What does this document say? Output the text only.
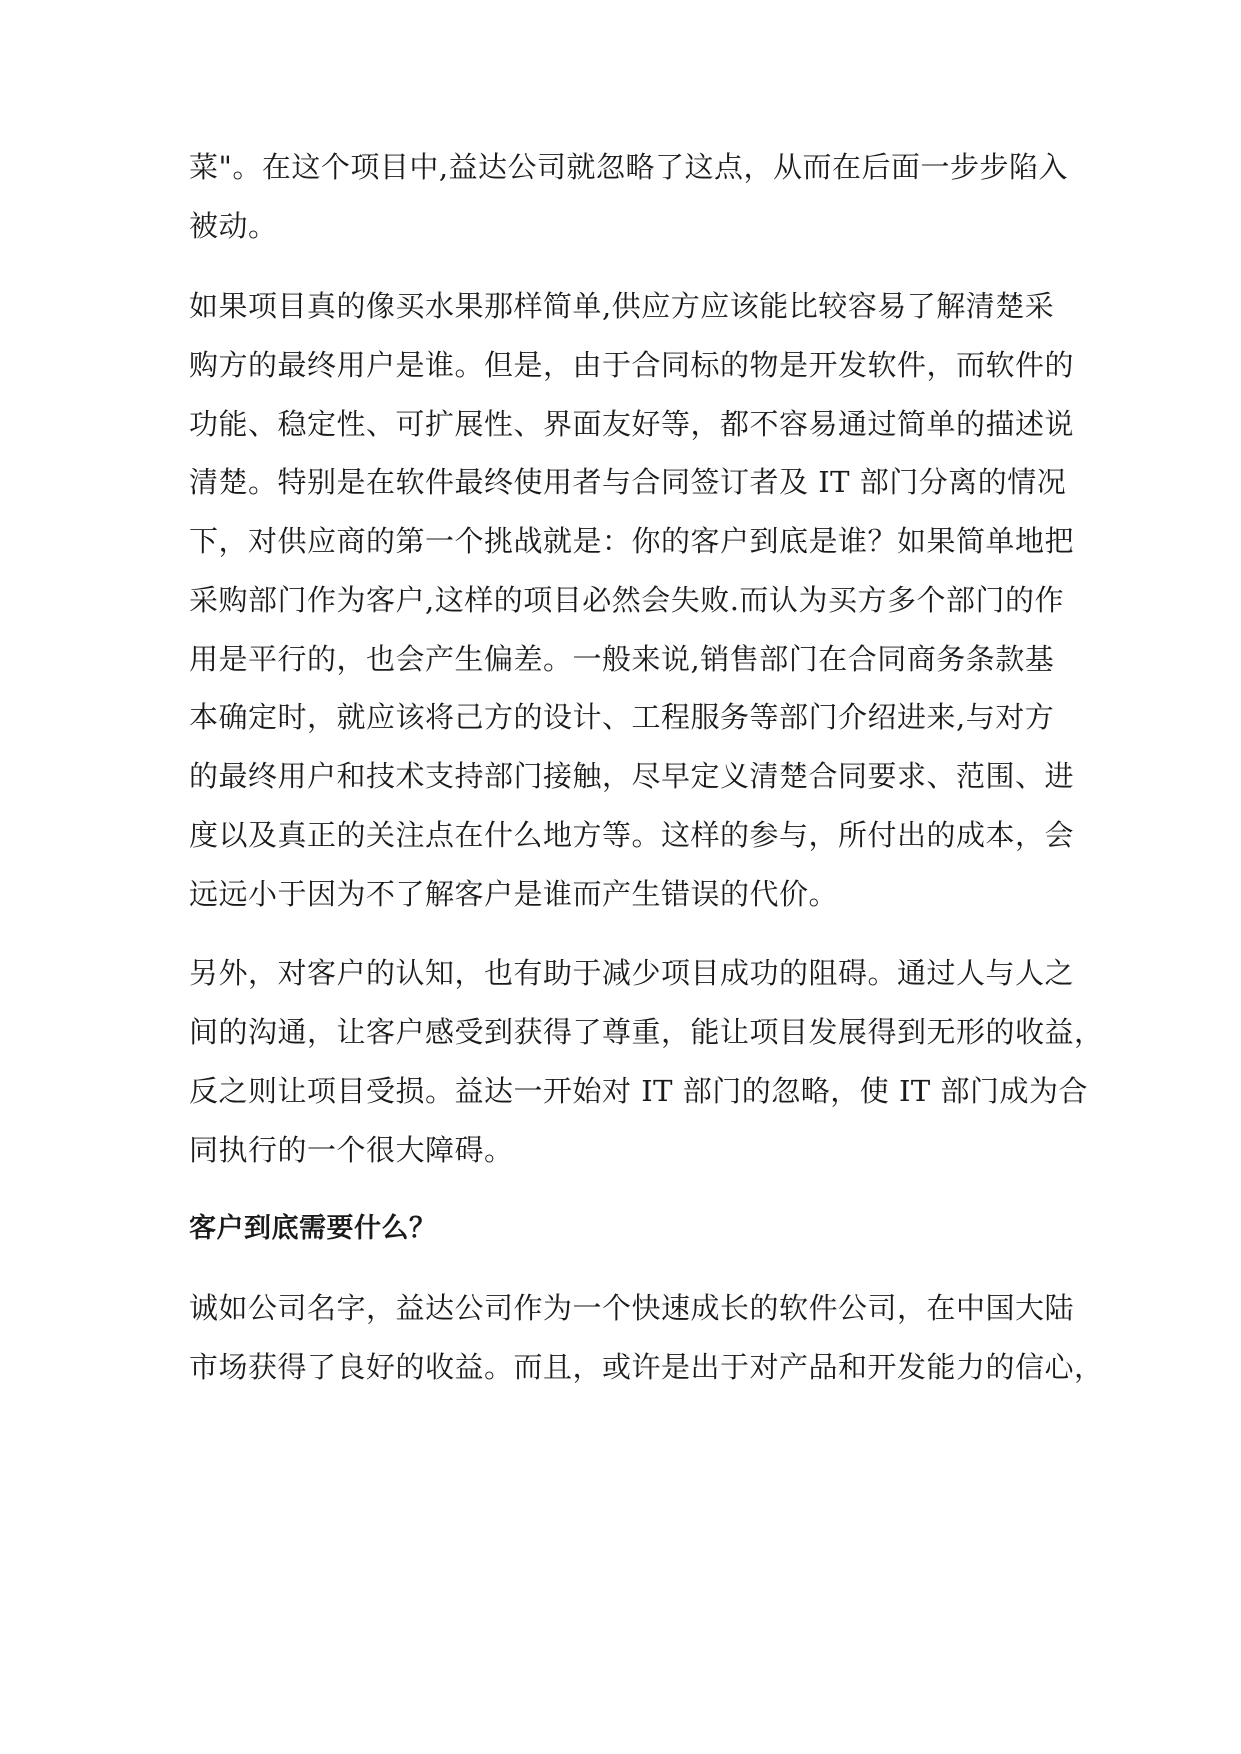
菜"。在这个项目中,益达公司就忽略了这点，从而在后面一步步陷入
被动。
如果项目真的像买水果那样简单,供应方应该能比较容易了解清楚采
购方的最终用户是谁。但是，由于合同标的物是开发软件，而软件的
功能、稳定性、可扩展性、界面友好等，都不容易通过简单的描述说
清楚。特别是在软件最终使用者与合同签订者及 IT 部门分离的情况
下，对供应商的第一个挑战就是：你的客户到底是谁？如果简单地把
采购部门作为客户,这样的项目必然会失败.而认为买方多个部门的作
用是平行的，也会产生偏差。一般来说,销售部门在合同商务条款基
本确定时，就应该将己方的设计、工程服务等部门介绍进来,与对方
的最终用户和技术支持部门接触，尽早定义清楚合同要求、范围、进
度以及真正的关注点在什么地方等。这样的参与，所付出的成本，会
远远小于因为不了解客户是谁而产生错误的代价。
另外，对客户的认知，也有助于减少项目成功的阻碍。通过人与人之
间的沟通，让客户感受到获得了尊重，能让项目发展得到无形的收益，
反之则让项目受损。益达一开始对 IT 部门的忽略，使 IT 部门成为合
同执行的一个很大障碍。
客户到底需要什么？
诚如公司名字，益达公司作为一个快速成长的软件公司，在中国大陆
市场获得了良好的收益。而且，或许是出于对产品和开发能力的信心，
